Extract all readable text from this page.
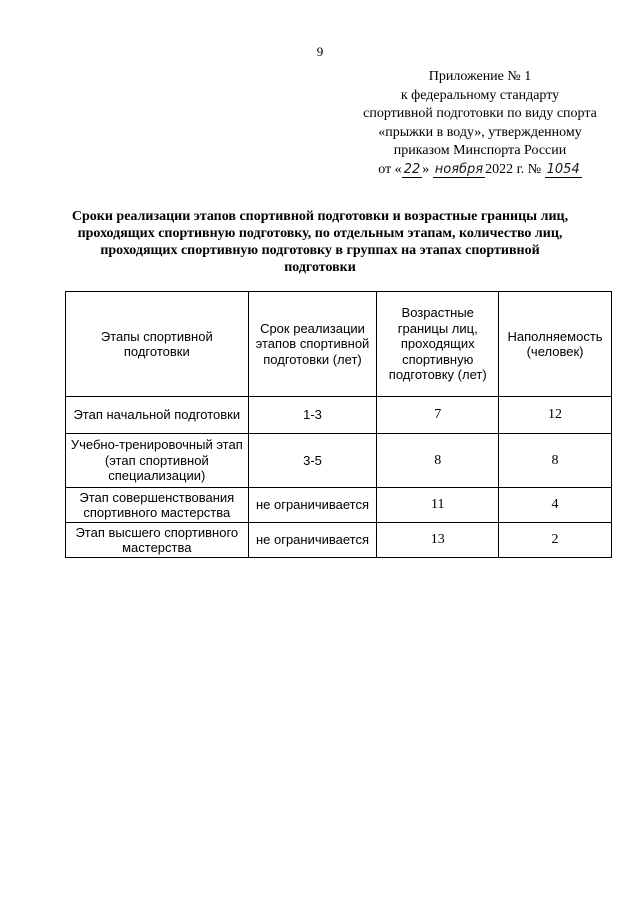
9
Приложение № 1
к федеральному стандарту
спортивной подготовки по виду спорта
«прыжки в воду», утвержденному
приказом Минспорта России
от « 22 » ноября 2022 г. № 1054
Сроки реализации этапов спортивной подготовки и возрастные границы лиц,
проходящих спортивную подготовку, по отдельным этапам, количество лиц,
проходящих спортивную подготовку в группах на этапах спортивной
подготовки
Этапы спортивной подготовки	Срок реализации этапов спортивной подготовки (лет)	Возрастные границы лиц, проходящих спортивную подготовку (лет)	Наполняемость (человек)
Этап начальной подготовки	1-3	7	12
Учебно-тренировочный этап (этап спортивной специализации)	3-5	8	8
Этап совершенствования спортивного мастерства	не ограничивается	11	4
Этап высшего спортивного мастерства	не ограничивается	13	2
